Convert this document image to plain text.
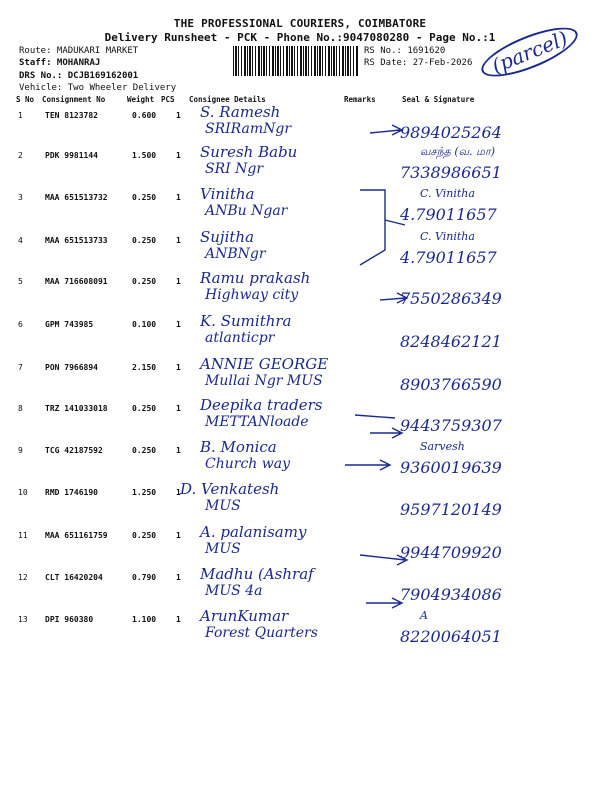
THE PROFESSIONAL COURIERS, COIMBATORE
Delivery Runsheet - PCK - Phone No.:9047080280 - Page No.:1
Route: MADUKARI MARKET
Staff: MOHANRAJ
DRS No.: DCJB169162001
Vehicle: Two Wheeler Delivery
RS No.: 1691620
RS Date: 27-Feb-2026 (parcel)
S No Consignment No	Weight PCS Consignee Details	Remarks	Seal & Signature
1	TEN 8123782	0.600 1 S. Ramesh
SRIRamNgr	9894025264
2	PDK 9981144	1.500 1 Suresh Babu
SRI Ngr
வசந்த (வ. மா)
7338986651
3	MAA 651513732	0.250 1 Vinitha
ANBu Ngar
C. Vinitha
4.79011657
4	MAA 651513733	0.250 1 Sujitha
ANBNgr
C. Vinitha
4.79011657
5	MAA 716608091	0.250 1 Ramu prakash
Highway city	7550286349
6	GPM 743985	0.100 1 K. Sumithra
atlanticpr	8248462121
7	PON 7966894	2.150 1 ANNIE GEORGE
Mullai Ngr MUS	8903766590
8	TRZ 141033018	0.250 1 Deepika traders
METTANloade	9443759307
9	TCG 42187592	0.250 1 B. Monica
Church way
Sarvesh
9360019639
10 RMD 1746190	1.250 1 D. Venkatesh
MUS	9597120149
11 MAA 651161759	0.250 1 A. palanisamy
MUS	9944709920
12 CLT 16420204	0.790 1 Madhu (Ashraf
MUS 4a	7904934086
13 DPI 960380	1.100 1 ArunKumar
Forest Quarters
A
8220064051
